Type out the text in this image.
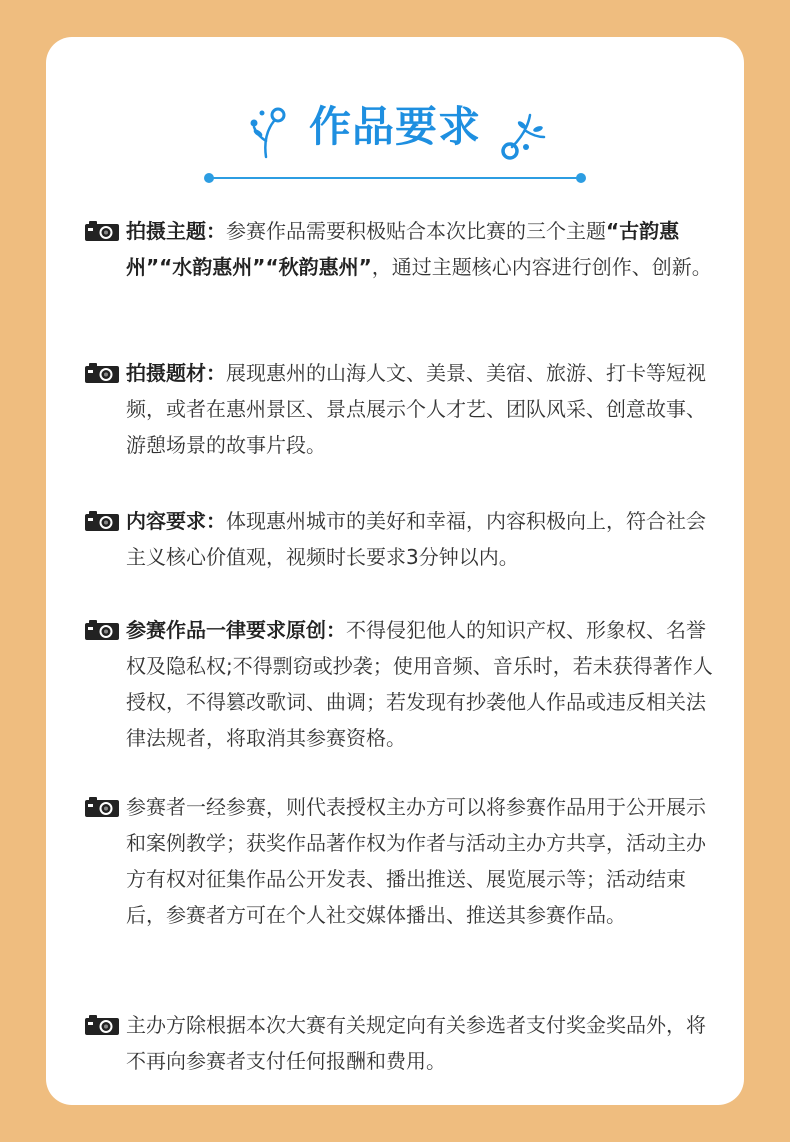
作品要求
拍摄主题：参赛作品需要积极贴合本次比赛的三个主题“古韵惠州”“水韵惠州”“秋韵惠州”，通过主题核心内容进行创作、创新。
拍摄题材：展现惠州的山海人文、美景、美宿、旅游、打卡等短视频，或者在惠州景区、景点展示个人才艺、团队风采、创意故事、游憩场景的故事片段。
内容要求：体现惠州城市的美好和幸福，内容积极向上，符合社会主义核心价值观，视频时长要求3分钟以内。
参赛作品一律要求原创：不得侵犯他人的知识产权、形象权、名誉权及隐私权;不得剽窃或抄袭；使用音频、音乐时，若未获得著作人授权，不得篡改歌词、曲调；若发现有抄袭他人作品或违反相关法律法规者，将取消其参赛资格。
参赛者一经参赛，则代表授权主办方可以将参赛作品用于公开展示和案例教学；获奖作品著作权为作者与活动主办方共享，活动主办方有权对征集作品公开发表、播出推送、展览展示等；活动结束后，参赛者方可在个人社交媒体播出、推送其参赛作品。
主办方除根据本次大赛有关规定向有关参选者支付奖金奖品外，将不再向参赛者支付任何报酬和费用。
